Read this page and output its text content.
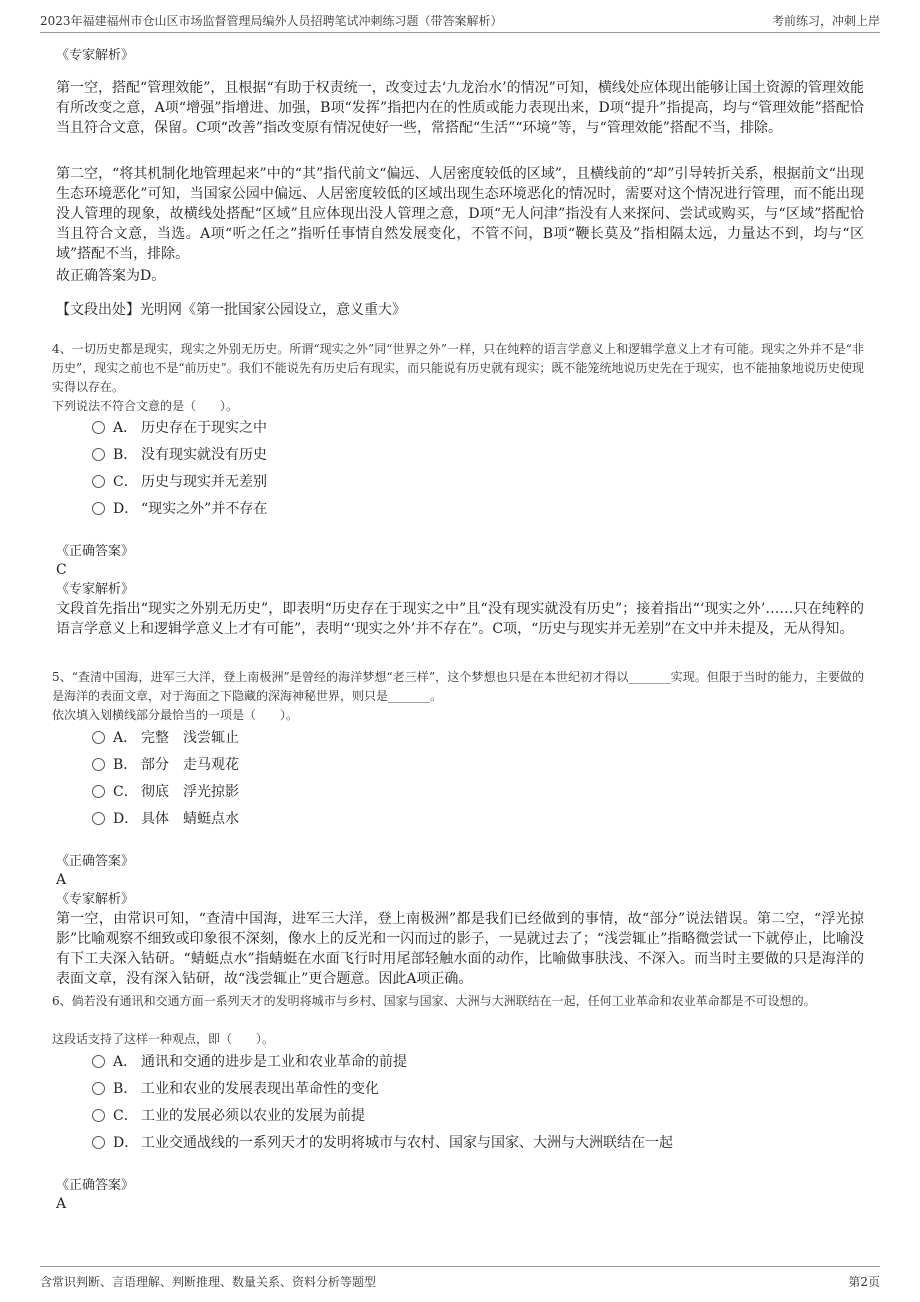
2023年福建福州市仓山区市场监督管理局编外人员招聘笔试冲刺练习题（带答案解析）	考前练习，冲刺上岸
《专家解析》

第一空，搭配“管理效能”，且根据“有助于权责统一，改变过去‘九龙治水’的情况”可知，横线处应体现出能够让国土资源的管理效能有所改变之意，A项“增强”指增进、加强，B项“发挥”指把内在的性质或能力表现出来，D项“提升”指提高，均与“管理效能”搭配恰当且符合文意，保留。C项“改善”指改变原有情况使好一些，常搭配“生活”“环境”等，与“管理效能”搭配不当，排除。

第二空，“将其机制化地管理起来”中的“其”指代前文“偏远、人居密度较低的区域”，且横线前的“却”引导转折关系，根据前文“出现生态环境恶化”可知，当国家公园中偏远、人居密度较低的区域出现生态环境恶化的情况时，需要对这个情况进行管理，而不能出现没人管理的现象，故横线处搭配“区域”且应体现出没人管理之意，D项“无人问津”指没有人来探问、尝试或购买，与“区域”搭配恰当且符合文意，当选。A项“听之任之”指听任事情自然发展变化，不管不问，B项“鞭长莫及”指相隔太远，力量达不到，均与“区域”搭配不当，排除。

故正确答案为D。

【文段出处】光明网《第一批国家公园设立，意义重大》

4、一切历史都是现实，现实之外别无历史。所谓“现实之外”同“世界之外”一样，只在纯粹的语言学意义上和逻辑学意义上才有可能。现实之外并不是“非历史”，现实之前也不是“前历史”。我们不能说先有历史后有现实，而只能说有历史就有现实；既不能笼统地说历史先在于现实，也不能抽象地说历史使现实得以存在。

下列说法不符合文意的是（　　）。

A． 历史存在于现实之中
B． 没有现实就没有历史
C． 历史与现实并无差别
D． “现实之外”并不存在
《正确答案》
C
《专家解析》

文段首先指出“现实之外别无历史”，即表明“历史存在于现实之中”且“没有现实就没有历史”；接着指出“‘现实之外’……只在纯粹的语言学意义上和逻辑学意义上才有可能”，表明“‘现实之外’并不存在”。C项，“历史与现实并无差别”在文中并未提及，无从得知。

5、“查清中国海，进军三大洋，登上南极洲”是曾经的海洋梦想“老三样”，这个梦想也只是在本世纪初才得以_______实现。但限于当时的能力，主要做的是海洋的表面文章，对于海面之下隐藏的深海神秘世界，则只是_______。

依次填入划横线部分最恰当的一项是（　　）。

A． 完整　浅尝辄止
B． 部分　走马观花
C． 彻底　浮光掠影
D． 具体　蜻蜓点水
《正确答案》
A
《专家解析》

第一空，由常识可知，“查清中国海，进军三大洋，登上南极洲”都是我们已经做到的事情，故“部分”说法错误。第二空，“浮光掠影”比喻观察不细致或印象很不深刻，像水上的反光和一闪而过的影子，一晃就过去了；“浅尝辄止”指略微尝试一下就停止，比喻没有下工夫深入钻研。“蜻蜓点水”指蜻蜓在水面飞行时用尾部轻触水面的动作，比喻做事肤浅、不深入。而当时主要做的只是海洋的表面文章，没有深入钻研，故“浅尝辄止”更合题意。因此A项正确。

6、倘若没有通讯和交通方面一系列天才的发明将城市与乡村、国家与国家、大洲与大洲联结在一起，任何工业革命和农业革命都是不可设想的。

这段话支持了这样一种观点，即（　　）。

A． 通讯和交通的进步是工业和农业革命的前提
B． 工业和农业的发展表现出革命性的变化
C． 工业的发展必须以农业的发展为前提
D． 工业交通战线的一系列天才的发明将城市与农村、国家与国家、大洲与大洲联结在一起
《正确答案》
A
含常识判断、言语理解、判断推理、数量关系、资料分析等题型	第2页
